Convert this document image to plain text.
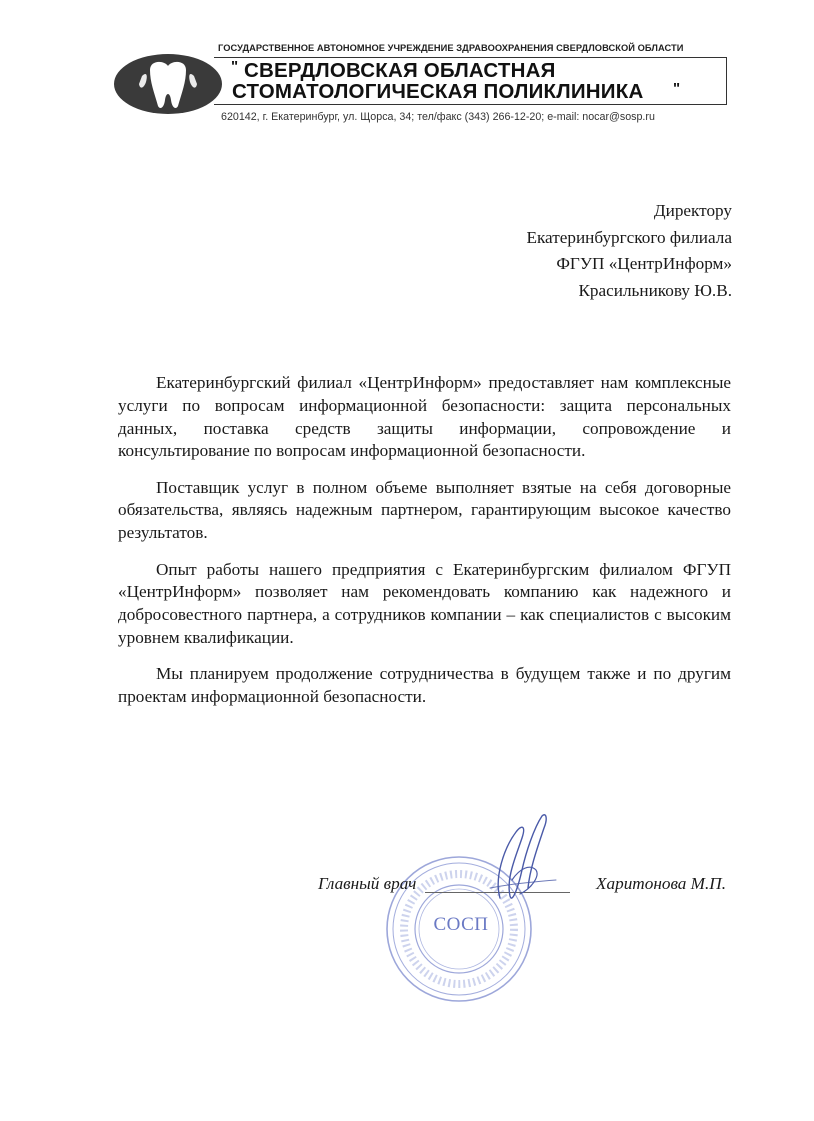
ГОСУДАРСТВЕННОЕ АВТОНОМНОЕ УЧРЕЖДЕНИЕ ЗДРАВООХРАНЕНИЯ СВЕРДЛОВСКОЙ ОБЛАСТИ
" СВЕРДЛОВСКАЯ ОБЛАСТНАЯ
СТОМАТОЛОГИЧЕСКАЯ ПОЛИКЛИНИКА "
620142, г. Екатеринбург, ул. Щорса, 34; тел/факс (343) 266-12-20; e-mail: nocar@sosp.ru
Директору
Екатеринбургского филиала
ФГУП «ЦентрИнформ»
Красильникову Ю.В.

Екатеринбургский филиал «ЦентрИнформ» предоставляет нам комплексные услуги по вопросам информационной безопасности: защита персональных данных, поставка средств защиты информации, сопровождение и консультирование по вопросам информационной безопасности.

Поставщик услуг в полном объеме выполняет взятые на себя договорные обязательства, являясь надежным партнером, гарантирующим высокое качество результатов.

Опыт работы нашего предприятия с Екатеринбургским филиалом ФГУП «ЦентрИнформ» позволяет нам рекомендовать компанию как надежного и добросовестного партнера, а сотрудников компании – как специалистов с высоким уровнем квалификации.

Мы планируем продолжение сотрудничества в будущем также и по другим проектам информационной безопасности.

СОСП
Главный врач	Харитонова М.П.
